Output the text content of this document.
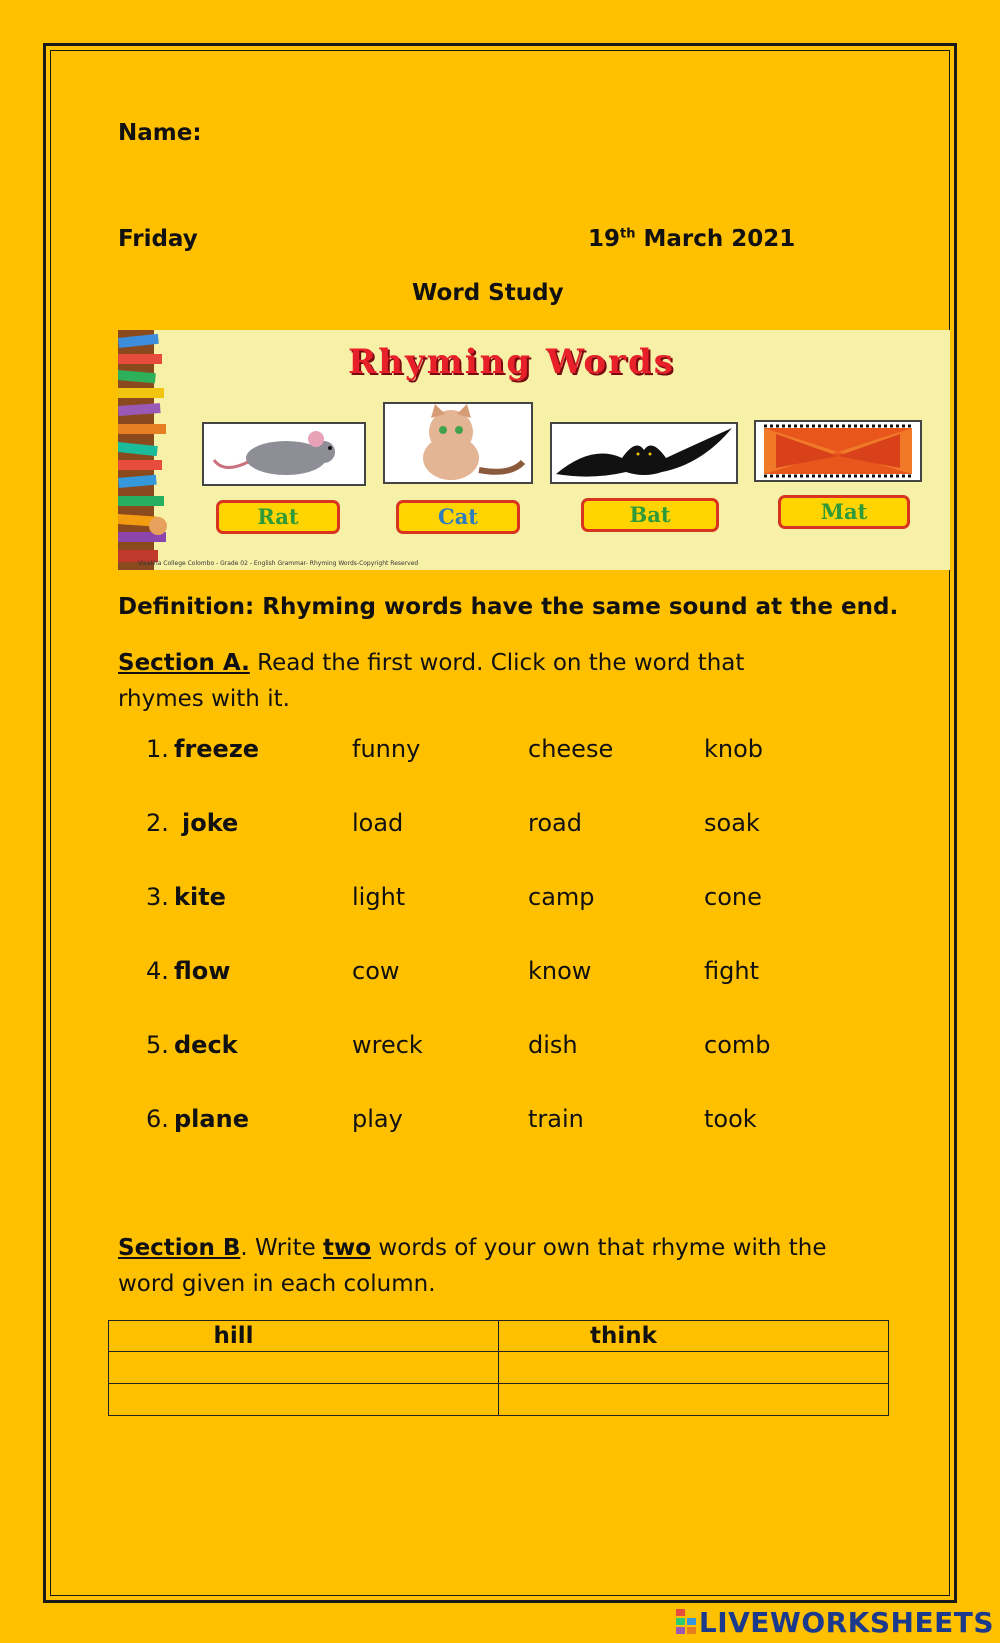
Name:
Friday	19th March 2021
Word Study
Rhyming Words
Rat	Cat	Bat	Mat
Visakha College Colombo - Grade 02 - English Grammar- Rhyming Words-Copyright Reserved
Definition: Rhyming words have the same sound at the end.
Section A. Read the first word. Click on the word that
rhymes with it.
1. freeze	funny	cheese	knob
2. joke	load	road	soak
3. kite	light	camp	cone
4. flow	cow	know	fight
5. deck	wreck	dish	comb
6. plane	play	train	took
Section B. Write two words of your own that rhyme with the
word given in each column.
hill	think

LIVEWORKSHEETS
